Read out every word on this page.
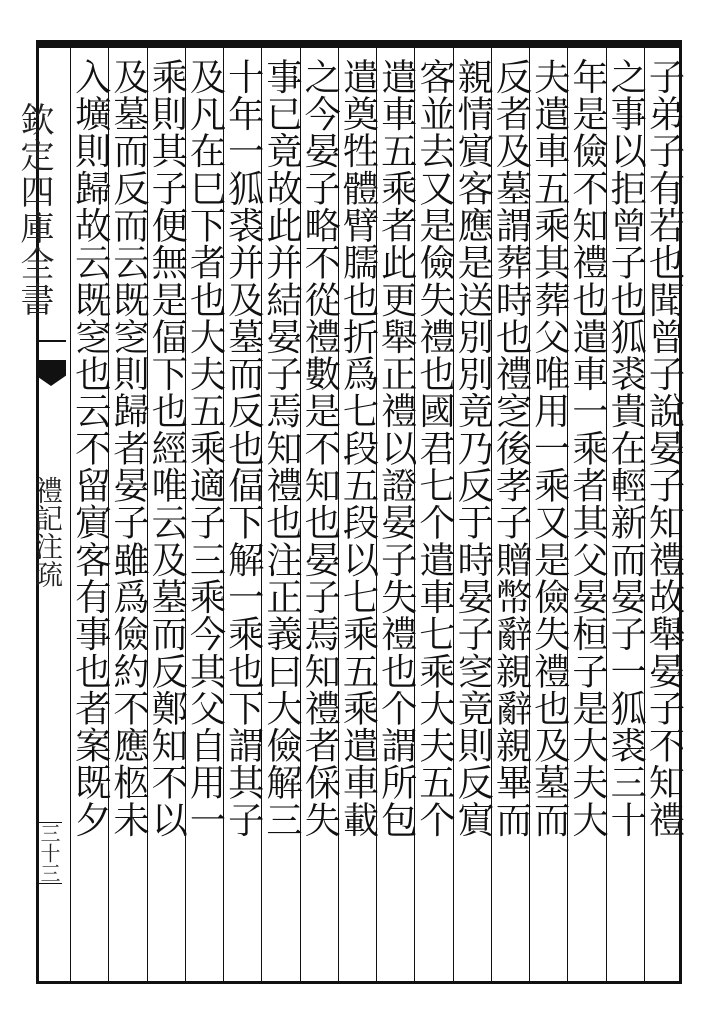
欽定四庫全書
禮記注疏
三十三
子弟子有若也聞曾子說晏子知禮故舉晏子不知禮
之事以拒曾子也狐裘貴在輕新而晏子一狐裘三十
年是儉不知禮也遣車一乘者其父晏桓子是大夫大
夫遣車五乘其葬父唯用一乘又是儉失禮也及墓而
反者及墓謂葬時也禮窆後孝子贈幣辭親辭親畢而
親情賔客應是送別別竟乃反于時晏子窆竟則反賔
客並去又是儉失禮也國君七个遣車七乘大夫五个
遣車五乘者此更舉正禮以證晏子失禮也个謂所包
遣奠牲體臂臑也折爲七段五段以七乘五乘遣車載
之今晏子略不從禮數是不知也晏子焉知禮者倸失
事已竟故此并結晏子焉知禮也注正義曰大儉解三
十年一狐裘并及墓而反也偪下解一乘也下謂其子
及凡在巳下者也大夫五乘適子三乘今其父自用一
乘則其子便無是偪下也經唯云及墓而反鄭知不以
及墓而反而云既窆則歸者晏子雖爲儉約不應柩未
入壙則歸故云既窆也云不留賔客有事也者案既夕
